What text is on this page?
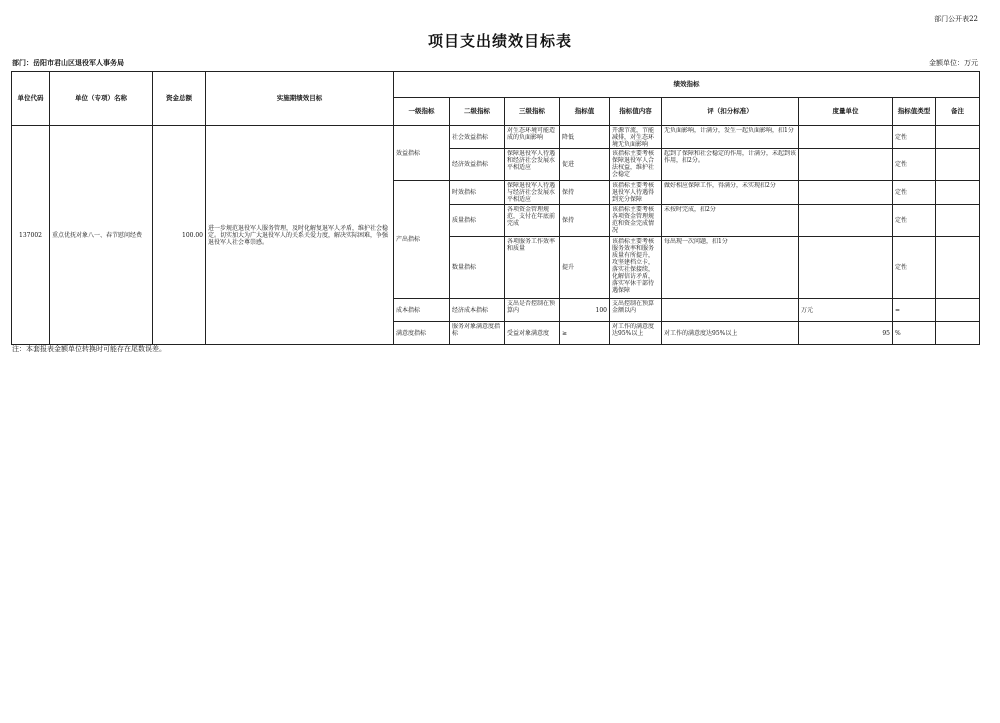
部门公开表22
项目支出绩效目标表
部门：岳阳市君山区退役军人事务局	金额单位：万元
单位代码	单位（专项）名称	资金总额	实施期绩效目标	绩效指标								
				一级指标	二级指标	三级指标	指标值	指标值内容	评（扣分标准）	度量单位	指标值类型	备注
137002	重点优抚对象八一、春节慰问经费	100.00	进一步规范退役军人服务管理，及时化解复退军人矛盾，维护社会稳定。切实加大为广大退役军人的关系关爱力度，解决实际困难，争强退役军人社会尊崇感。	效益指标	社会效益指标	对生态环境可能造成的负面影响	降低	开源节流，节能减排，对生态环境无负面影响	无负面影响，计满分，发生一起负面影响，扣1分		定性	
					经济效益指标	保障退役军人待遇和经济社会发展水平相适应	促进	该指标主要考核保障退役军人合法权益，维护社会稳定	起到了保障和社会稳定的作用，计满分，未起到该作用，扣2分。		定性	
				产出指标	时效指标	保障退役军人待遇与经济社会发展水平相适应	保持	该指标主要考核退役军人待遇得到充分保障	做好相应保障工作，得满分，未实现扣2分		定性	
					质量指标	各项资金管理规范，支付在年底前完成	保持	该指标主要考核各项资金管理规范和资金完成情况	未按时完成，扣2分		定性	
					数量指标	各项服务工作效率和质量	提升	该指标主要考核服务效率和服务质量有所提升，攻坚建档立卡，落实社保接续，化解信访矛盾，落实军休干部待遇保障	每出现一次问题，扣1分		定性	
				成本指标	经济成本指标	支出是否控制在预算内	100	支出控制在预算金额以内		万元	=	
				满意度指标	服务对象满意度指标	受益对象满意度	≥	对工作的满意度达95%以上	对工作的满意度达95%以上	95	%	
注：本套报表金额单位转换时可能存在尾数误差。
